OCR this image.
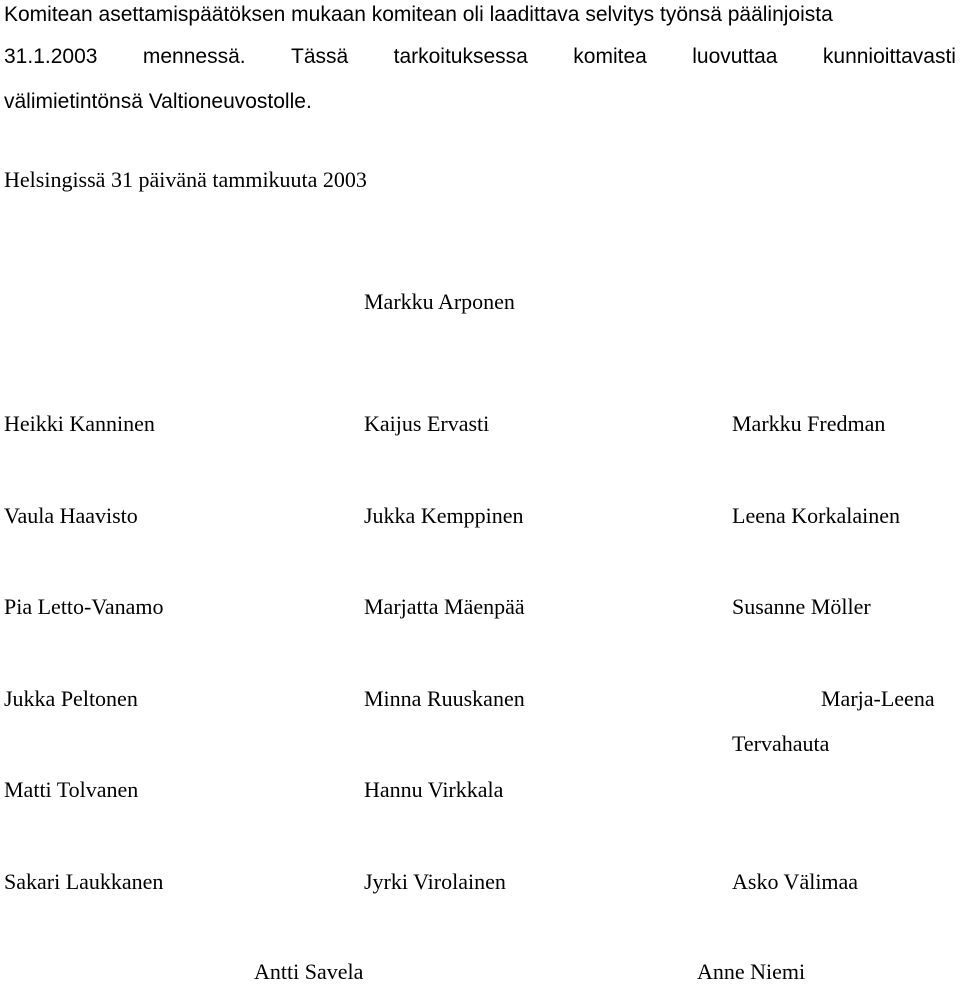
Komitean asettamispäätöksen mukaan komitean oli laadittava selvitys työnsä päälinjoista
31.1.2003 mennessä. Tässä tarkoituksessa komitea luovuttaa kunnioittavasti
välimietintönsä Valtioneuvostolle.
Helsingissä 31 päivänä tammikuuta 2003
Markku Arponen
Heikki Kanninen	Kaijus Ervasti	Markku Fredman
Vaula Haavisto	Jukka Kemppinen	Leena Korkalainen
Pia Letto-Vanamo	Marjatta Mäenpää	Susanne Möller
Jukka Peltonen	Minna Ruuskanen	Marja-Leena
Tervahauta
Matti Tolvanen	Hannu Virkkala
Sakari Laukkanen	Jyrki Virolainen	Asko Välimaa
Antti Savela	Anne Niemi
